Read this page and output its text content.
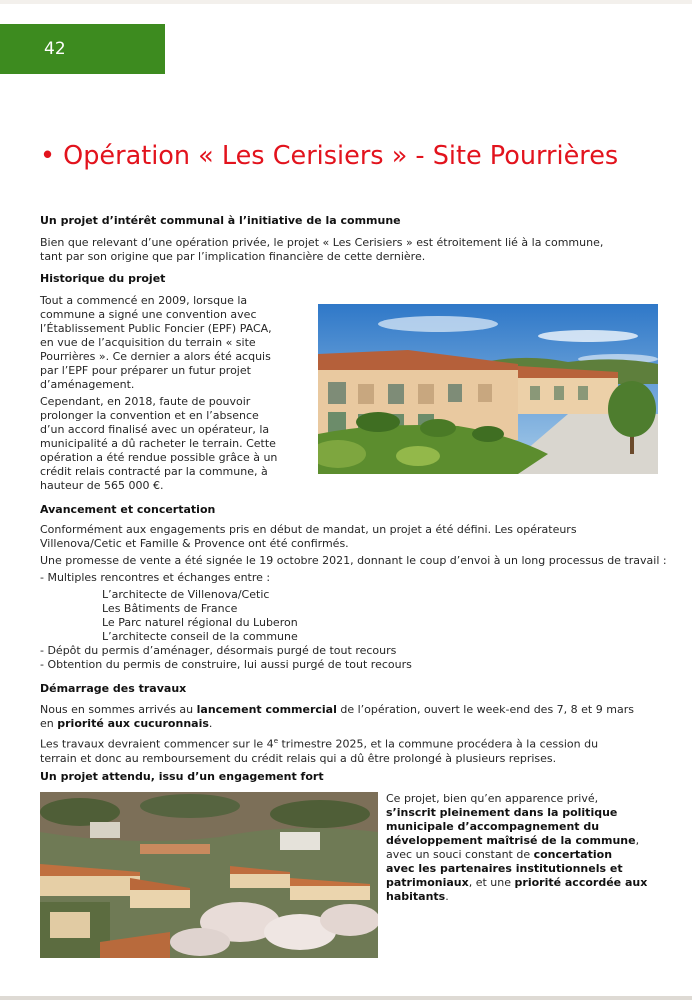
42
• Opération « Les Cerisiers » - Site Pourrières
Un projet d’intérêt communal à l’initiative de la commune

Bien que relevant d’une opération privée, le projet « Les Cerisiers » est étroitement lié à la commune,

tant par son origine que par l’implication financière de cette dernière.

Historique du projet

Tout a commencé en 2009, lorsque la

commune a signé une convention avec

l’Établissement Public Foncier (EPF) PACA,

en vue de l’acquisition du terrain « site

Pourrières ». Ce dernier a alors été acquis

par l’EPF pour préparer un futur projet

d’aménagement.

Cependant, en 2018, faute de pouvoir

prolonger la convention et en l’absence

d’un accord finalisé avec un opérateur, la

municipalité a dû racheter le terrain. Cette

opération a été rendue possible grâce à un

crédit relais contracté par la commune, à

hauteur de 565 000 €.

Avancement et concertation

Conformément aux engagements pris en début de mandat, un projet a été défini. Les opérateurs

Villenova/Cetic et Famille & Provence ont été confirmés.

Une promesse de vente a été signée le 19 octobre 2021, donnant le coup d’envoi à un long processus de travail :

- Multiples rencontres et échanges entre :

L’architecte de Villenova/Cetic

Les Bâtiments de France

Le Parc naturel régional du Luberon

L’architecte conseil de la commune

- Dépôt du permis d’aménager, désormais purgé de tout recours

- Obtention du permis de construire, lui aussi purgé de tout recours

Démarrage des travaux

Nous en sommes arrivés au lancement commercial de l’opération, ouvert le week-end des 7, 8 et 9 mars

en priorité aux cucuronnais.

Les travaux devraient commencer sur le 4e trimestre 2025, et la commune procédera à la cession du

terrain et donc au remboursement du crédit relais qui a dû être prolongé à plusieurs reprises.

Un projet attendu, issu d’un engagement fort

Ce projet, bien qu’en apparence privé,

s’inscrit pleinement dans la politique

municipale d’accompagnement du

développement maîtrisé de la commune,

avec un souci constant de concertation

avec les partenaires institutionnels et

patrimoniaux, et une priorité accordée aux

habitants.
